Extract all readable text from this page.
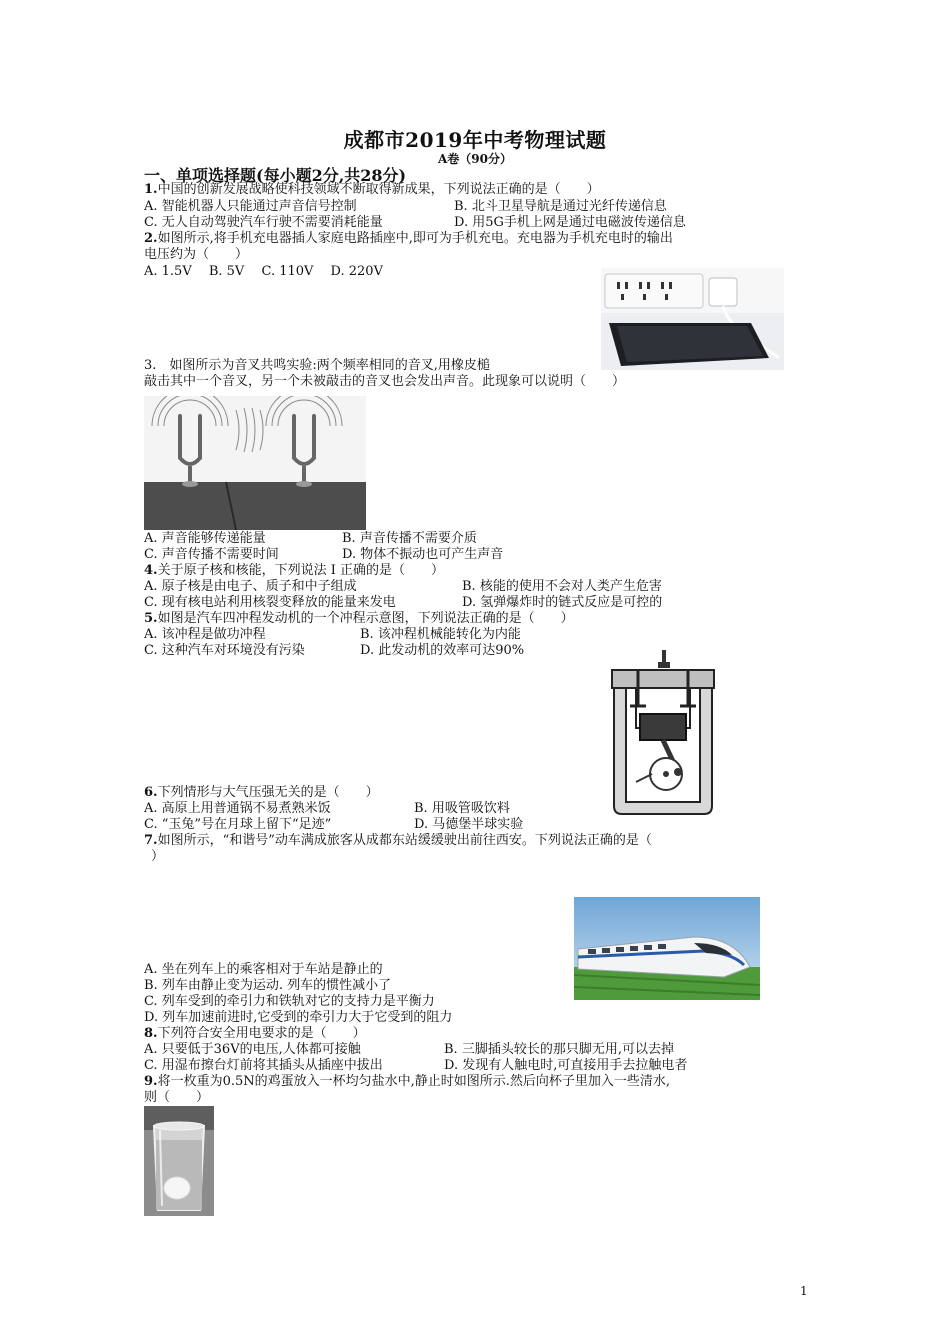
成都市2019年中考物理试题
A卷（90分）
一、单项选择题(每小题2分,共28分)
1.中国的创新发展战略使科技领域不断取得新成果，下列说法正确的是（　　）
A. 智能机器人只能通过声音信号控制	B. 北斗卫星导航是通过光纤传递信息
C. 无人自动驾驶汽车行驶不需要消耗能量	D. 用5G手机上网是通过电磁波传递信息
2.如图所示,将手机充电器插人家庭电路插座中,即可为手机充电。充电器为手机充电时的输出
电压约为（　　）
A. 1.5V　 B. 5V　 C. 110V　 D. 220V
3.　如图所示为音叉共鸣实验:两个频率相同的音叉,用橡皮槌
敲击其中一个音叉，另一个未被敲击的音叉也会发出声音。此现象可以说明（　　）
A. 声音能够传递能量	B. 声音传播不需要介质
C. 声音传播不需要时间	D. 物体不振动也可产生声音
4.关于原子核和核能，下列说法 I 正确的是（　　）
A. 原子核是由电子、质子和中子组成	B. 核能的使用不会对人类产生危害
C. 现有核电站利用核裂变释放的能量来发电	D. 氢弹爆炸时的链式反应是可控的
5.如图是汽车四冲程发动机的一个冲程示意图，下列说法正确的是（　　）
A. 该冲程是做功冲程	B. 该冲程机械能转化为内能
C. 这种汽车对环境没有污染	D. 此发动机的效率可达90%
6.下列情形与大气压强无关的是（　　）
A. 高原上用普通锅不易煮熟米饭	B. 用吸管吸饮料
C. “玉兔”号在月球上留下“足迹”	D. 马德堡半球实验
7.如图所示，“和谐号”动车满成旅客从成都东站缓缓驶出前往西安。下列说法正确的是（
）
A. 坐在列车上的乘客相对于车站是静止的
B. 列车由静止变为运动. 列车的惯性减小了
C. 列车受到的牵引力和铁轨对它的支持力是平衡力
D. 列车加速前进时,它受到的牵引力大于它受到的阻力
8.下列符合安全用电要求的是（　　）
A. 只要低于36V的电压,人体都可接触	B. 三脚插头较长的那只脚无用,可以去掉
C. 用湿布擦台灯前将其插头从插座中拔出	D. 发现有人触电时,可直接用手去拉触电者
9.将一枚重为0.5N的鸡蛋放入一杯均匀盐水中,静止时如图所示.然后向杯子里加入一些清水,
则（　　）
1
